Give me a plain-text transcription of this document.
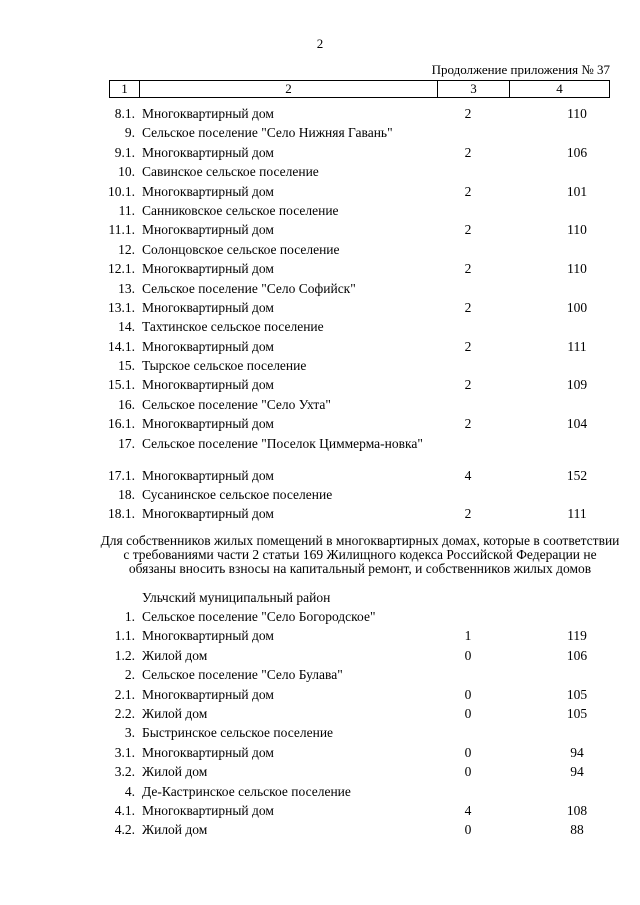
2
Продолжение приложения № 37
1	2	3	4
8.1. Многоквартирный дом	2	110
9. Сельское поселение "Село Нижняя Гавань"
9.1. Многоквартирный дом	2	106
10. Савинское сельское поселение
10.1. Многоквартирный дом	2	101
11. Санниковское сельское поселение
11.1. Многоквартирный дом	2	110
12. Солонцовское сельское поселение
12.1. Многоквартирный дом	2	110
13. Сельское поселение "Село Софийск"
13.1. Многоквартирный дом	2	100
14. Тахтинское сельское поселение
14.1. Многоквартирный дом	2	111
15. Тырское сельское поселение
15.1. Многоквартирный дом	2	109
16. Сельское поселение "Село Ухта"
16.1. Многоквартирный дом	2	104
17. Сельское поселение "Поселок Циммерма-новка"
17.1. Многоквартирный дом	4	152
18. Сусанинское сельское поселение
18.1. Многоквартирный дом	2	111
Для собственников жилых помещений в многоквартирных домах, которые в соответствии с требованиями части 2 статьи 169 Жилищного кодекса Российской Федерации не обязаны вносить взносы на капитальный ремонт, и собственников жилых домов
Ульчский муниципальный район
1. Сельское поселение "Село Богородское"
1.1. Многоквартирный дом	1	119
1.2. Жилой дом	0	106
2. Сельское поселение "Село Булава"
2.1. Многоквартирный дом	0	105
2.2. Жилой дом	0	105
3. Быстринское сельское поселение
3.1. Многоквартирный дом	0	94
3.2. Жилой дом	0	94
4. Де-Кастринское сельское поселение
4.1. Многоквартирный дом	4	108
4.2. Жилой дом	0	88
